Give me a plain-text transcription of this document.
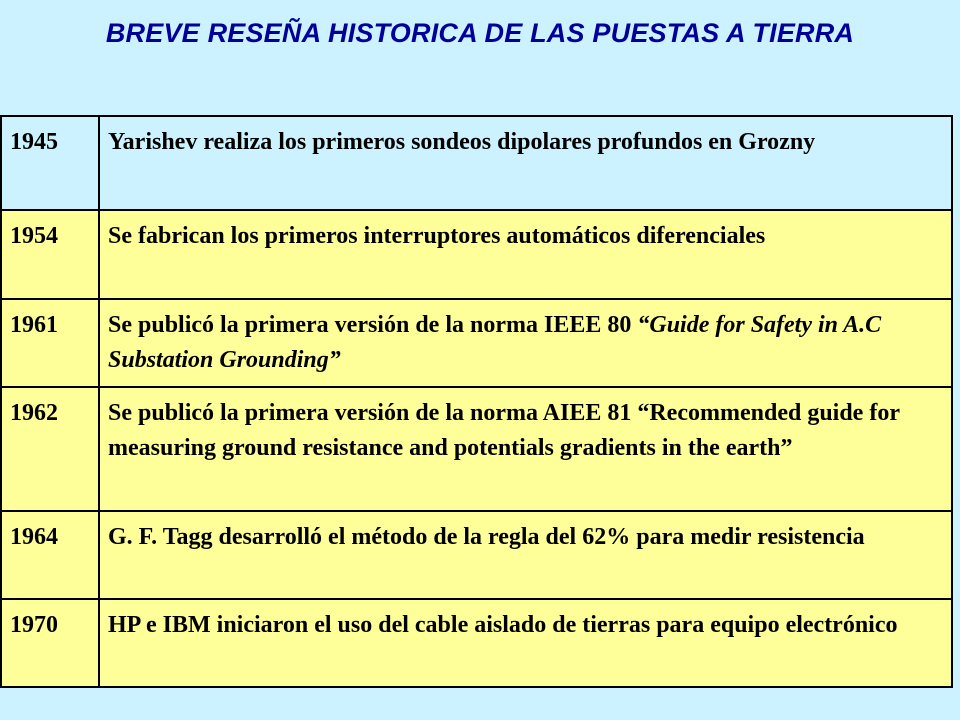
BREVE RESEÑA HISTORICA DE LAS PUESTAS A TIERRA
1945	Yarishev realiza los primeros sondeos dipolares profundos en Grozny
1954	Se fabrican los primeros interruptores automáticos diferenciales
1961	Se publicó la primera versión de la norma IEEE 80 “Guide for Safety in A.C Substation Grounding”
1962	Se publicó la primera versión de la norma AIEE 81 “Recommended guide for measuring ground resistance and potentials gradients in the earth”
1964	G. F. Tagg desarrolló el método de la regla del 62% para medir resistencia
1970	HP e IBM iniciaron el uso del cable aislado de tierras para equipo electrónico
